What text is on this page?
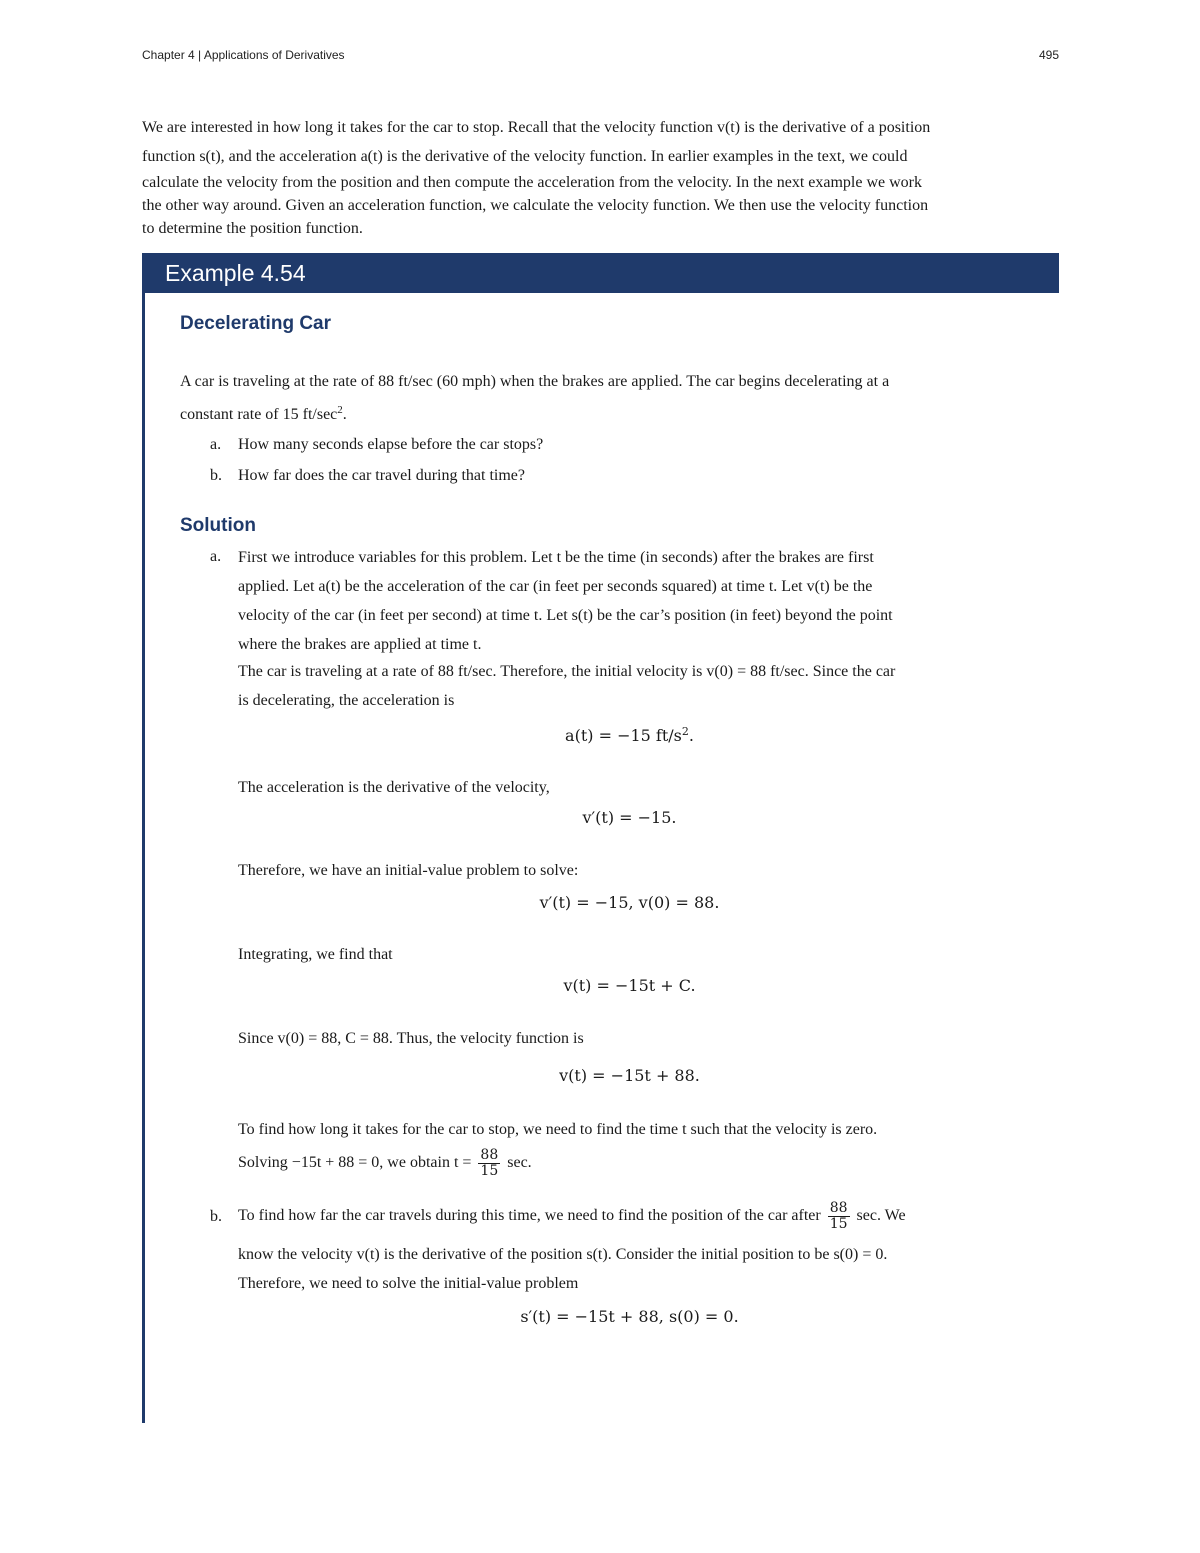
Chapter 4 | Applications of Derivatives	495
We are interested in how long it takes for the car to stop. Recall that the velocity function v(t) is the derivative of a position
function s(t), and the acceleration a(t) is the derivative of the velocity function. In earlier examples in the text, we could
calculate the velocity from the position and then compute the acceleration from the velocity. In the next example we work
the other way around. Given an acceleration function, we calculate the velocity function. We then use the velocity function
to determine the position function.
Example 4.54
Decelerating Car
A car is traveling at the rate of 88 ft/sec (60 mph) when the brakes are applied. The car begins decelerating at a
constant rate of 15 $ft/\sec^2$.
a. How many seconds elapse before the car stops?
b. How far does the car travel during that time?
Solution
a. First we introduce variables for this problem. Let t be the time (in seconds) after the brakes are first
applied. Let a(t) be the acceleration of the car (in feet per seconds squared) at time t. Let v(t) be the
velocity of the car (in feet per second) at time t. Let s(t) be the car’s position (in feet) beyond the point
where the brakes are applied at time t.
The car is traveling at a rate of 88 ft/sec. Therefore, the initial velocity is v(0) = 88 ft/sec. Since the car
is decelerating, the acceleration is
a(t) = −15 $ft/s^2$.
The acceleration is the derivative of the velocity,
v′(t) = −15.
Therefore, we have an initial-value problem to solve:
v′(t) = −15, v(0) = 88.
Integrating, we find that
v(t) = −15t + C.
Since v(0) = 88, C = 88. Thus, the velocity function is
v(t) = −15t + 88.
To find how long it takes for the car to stop, we need to find the time t such that the velocity is zero.
Solving −15t + 88 = 0, we obtain $t = \frac{88}{15} \sec$.
b. To find how far the car travels during this time, we need to find the position of the car after $\frac{88}{15} \sec$. We
know the velocity v(t) is the derivative of the position s(t). Consider the initial position to be s(0) = 0.
Therefore, we need to solve the initial-value problem
s′(t) = −15t + 88, s(0) = 0.
